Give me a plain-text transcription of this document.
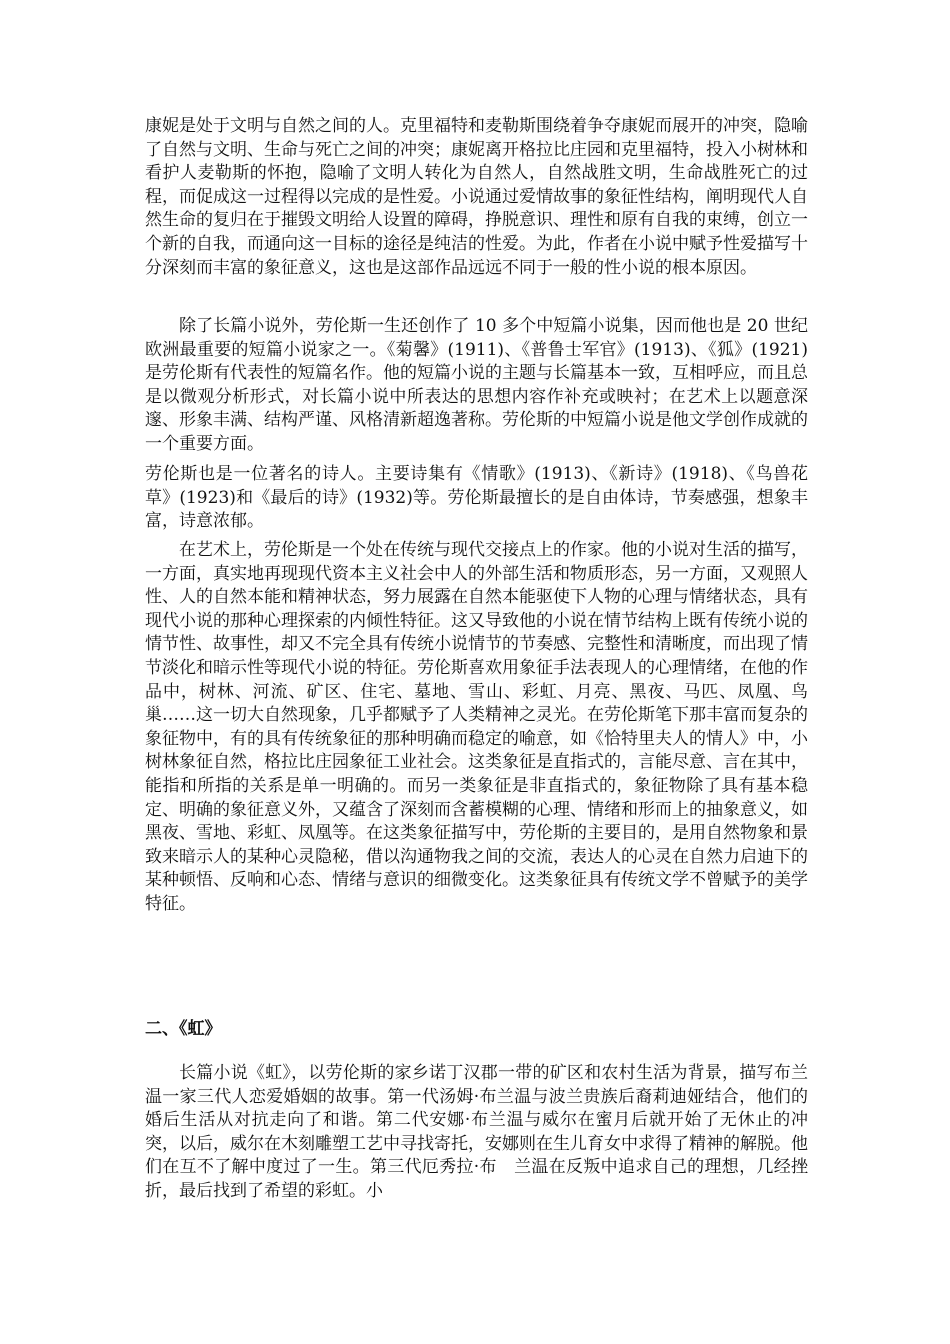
康妮是处于文明与自然之间的人。克里福特和麦勒斯围绕着争夺康妮而展开的冲突，隐喻了自然与文明、生命与死亡之间的冲突；康妮离开格拉比庄园和克里福特，投入小树林和看护人麦勒斯的怀抱，隐喻了文明人转化为自然人，自然战胜文明，生命战胜死亡的过程，而促成这一过程得以完成的是性爱。小说通过爱情故事的象征性结构，阐明现代人自然生命的复归在于摧毁文明给人设置的障碍，挣脱意识、理性和原有自我的束缚，创立一个新的自我，而通向这一目标的途径是纯洁的性爱。为此，作者在小说中赋予性爱描写十分深刻而丰富的象征意义，这也是这部作品远远不同于一般的性小说的根本原因。

除了长篇小说外，劳伦斯一生还创作了 10 多个中短篇小说集，因而他也是 20 世纪欧洲最重要的短篇小说家之一。《菊馨》(1911)、《普鲁士军官》(1913)、《狐》(1921)是劳伦斯有代表性的短篇名作。他的短篇小说的主题与长篇基本一致，互相呼应，而且总是以微观分析形式，对长篇小说中所表达的思想内容作补充或映衬；在艺术上以题意深邃、形象丰满、结构严谨、风格清新超逸著称。劳伦斯的中短篇小说是他文学创作成就的一个重要方面。

劳伦斯也是一位著名的诗人。主要诗集有《情歌》(1913)、《新诗》(1918)、《鸟兽花草》(1923)和《最后的诗》(1932)等。劳伦斯最擅长的是自由体诗，节奏感强，想象丰富，诗意浓郁。

在艺术上，劳伦斯是一个处在传统与现代交接点上的作家。他的小说对生活的描写，一方面，真实地再现现代资本主义社会中人的外部生活和物质形态，另一方面，又观照人性、人的自然本能和精神状态，努力展露在自然本能驱使下人物的心理与情绪状态，具有现代小说的那种心理探索的内倾性特征。这又导致他的小说在情节结构上既有传统小说的情节性、故事性，却又不完全具有传统小说情节的节奏感、完整性和清晰度，而出现了情节淡化和暗示性等现代小说的特征。劳伦斯喜欢用象征手法表现人的心理情绪，在他的作品中，树林、河流、矿区、住宅、墓地、雪山、彩虹、月亮、黑夜、马匹、凤凰、鸟巢……这一切大自然现象，几乎都赋予了人类精神之灵光。在劳伦斯笔下那丰富而复杂的象征物中，有的具有传统象征的那种明确而稳定的喻意，如《恰特里夫人的情人》中，小树林象征自然，格拉比庄园象征工业社会。这类象征是直指式的，言能尽意、言在其中，能指和所指的关系是单一明确的。而另一类象征是非直指式的，象征物除了具有基本稳定、明确的象征意义外，又蕴含了深刻而含蓄模糊的心理、情绪和形而上的抽象意义，如黑夜、雪地、彩虹、凤凰等。在这类象征描写中，劳伦斯的主要目的，是用自然物象和景致来暗示人的某种心灵隐秘，借以沟通物我之间的交流，表达人的心灵在自然力启迪下的某种顿悟、反响和心态、情绪与意识的细微变化。这类象征具有传统文学不曾赋予的美学特征。

二、《虹》

长篇小说《虹》，以劳伦斯的家乡诺丁汉郡一带的矿区和农村生活为背景，描写布兰温一家三代人恋爱婚姻的故事。第一代汤姆·布兰温与波兰贵族后裔莉迪娅结合，他们的婚后生活从对抗走向了和谐。第二代安娜·布兰温与威尔在蜜月后就开始了无休止的冲突，以后，威尔在木刻雕塑工艺中寻找寄托，安娜则在生儿育女中求得了精神的解脱。他们在互不了解中度过了一生。第三代厄秀拉·布　兰温在反叛中追求自己的理想，几经挫折，最后找到了希望的彩虹。小
